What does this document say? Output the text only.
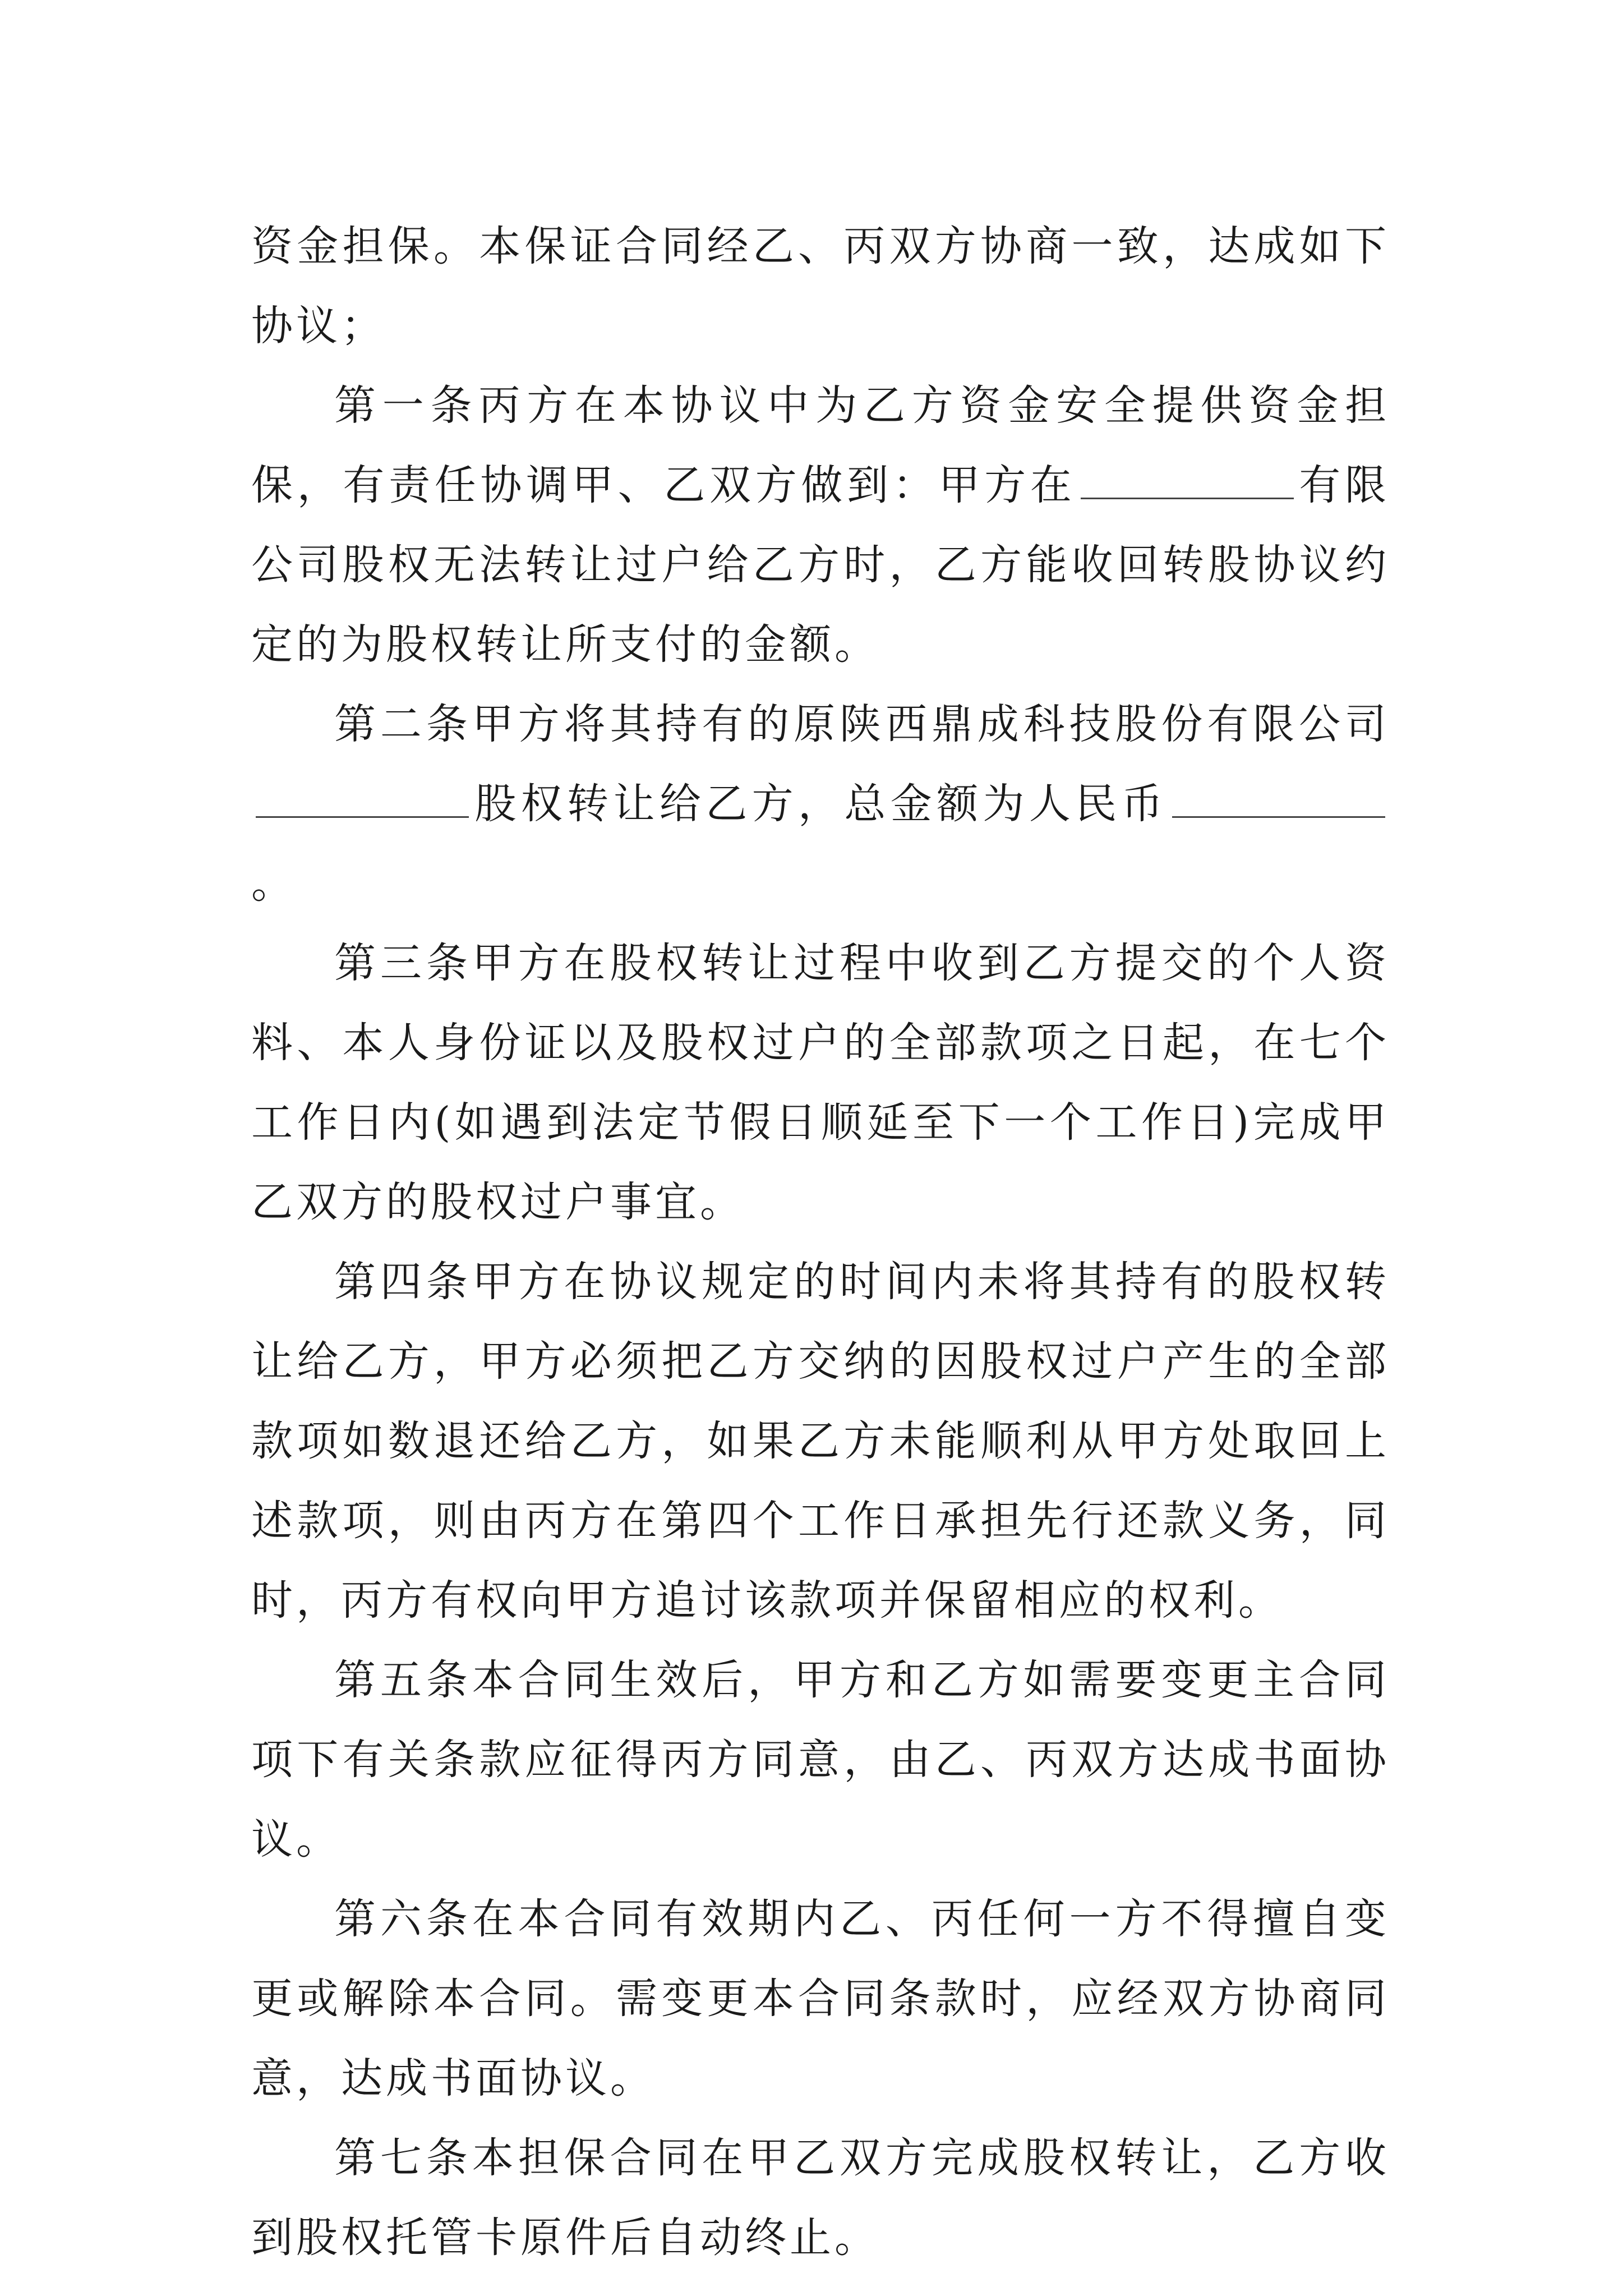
资金担保。本保证合同经乙、丙双方协商一致，达成如下协议；

第一条丙方在本协议中为乙方资金安全提供资金担保，有责任协调甲、乙双方做到：甲方在	有限公司股权无法转让过户给乙方时，乙方能收回转股协议约定的为股权转让所支付的金额。

第二条甲方将其持有的原陕西鼎成科技股份有限公司股权转让给乙方，总金额为人民币。

第三条甲方在股权转让过程中收到乙方提交的个人资料、本人身份证以及股权过户的全部款项之日起，在七个工作日内(如遇到法定节假日顺延至下一个工作日)完成甲乙双方的股权过户事宜。

第四条甲方在协议规定的时间内未将其持有的股权转让给乙方，甲方必须把乙方交纳的因股权过户产生的全部款项如数退还给乙方，如果乙方未能顺利从甲方处取回上述款项，则由丙方在第四个工作日承担先行还款义务，同时，丙方有权向甲方追讨该款项并保留相应的权利。

第五条本合同生效后，甲方和乙方如需要变更主合同项下有关条款应征得丙方同意，由乙、丙双方达成书面协议。

第六条在本合同有效期内乙、丙任何一方不得擅自变更或解除本合同。需变更本合同条款时，应经双方协商同意，达成书面协议。

第七条本担保合同在甲乙双方完成股权转让，乙方收到股权托管卡原件后自动终止。
